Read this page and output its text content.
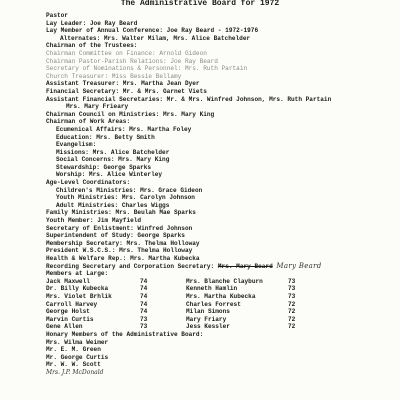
The Administrative Board for 1972
Pastor
Lay Leader: Joe Ray Beard
Lay Member of Annual Conference: Joe Ray Beard - 1972-1976
Alternates: Mrs. Walter Milam, Mrs. Alice Batchelder
Chairman of the Trustees:
Chairman Committee on Finance: Arnold Gideon
Chairman Pastor-Parish Relations: Joe Ray Beard
Secretary of Nominations & Personnel: Mrs. Ruth Partain
Church Treasurer: Miss Bessie Bellamy
Assistant Treasurer: Mrs. Martha Jean Dyer
Financial Secretary: Mr. & Mrs. Garnet Viets
Assistant Financial Secretaries: Mr. & Mrs. Winfred Johnson, Mrs. Ruth Partain
Mrs. Mary Frieary
Chairman Council on Ministries: Mrs. Mary King
Chairman of Work Areas:
Ecumenical Affairs: Mrs. Martha Foley
Education: Mrs. Betty Smith
Evangelism:
Missions: Mrs. Alice Batchelder
Social Concerns: Mrs. Mary King
Stewardship: George Sparks
Worship: Mrs. Alice Winterley
Age-Level Coordinators:
Children's Ministries: Mrs. Grace Gideon
Youth Ministries: Mrs. Carolyn Johnson
Adult Ministries: Charles Wiggs
Family Ministries: Mrs. Beulah Mae Sparks
Youth Member: Jim Mayfield
Secretary of Enlistment: Winfred Johnson
Superintendent of Study: George Sparks
Membership Secretary: Mrs. Thelma Holloway
President W.S.C.S.: Mrs. Thelma Holloway
Health & Welfare Rep.: Mrs. Martha Kubecka
Recording Secretary and Corporation Secretary: Mrs. Mary Beard Mary Beard
Members at Large:
Jack Maxwell	74	Mrs. Blanche Clayburn	73
Dr. Billy Kubecka	74	Kenneth Hamlin	73
Mrs. Violet Brhlik	74	Mrs. Martha Kubecka	73
Carroll Harvey	74	Charles Forrest	72
George Holst	74	Milan Simons	72
Marvin Curtis	73	Mary Friary	72
Gene Allen	73	Jess Kessler	72
Honary Members of the Administrative Board:
Mrs. Wilma Weimer
Mr. E. M. Green
Mr. George Curtis
Mr. W. W. Scott
Mrs. J.P. McDonald
